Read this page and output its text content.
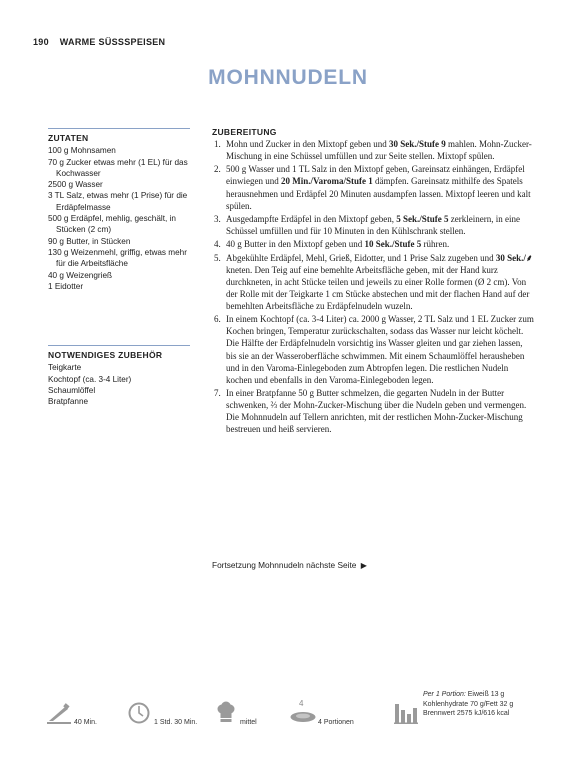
190 WARME SÜSSSPEISEN
MOHNNUDELN
ZUTATEN
100 g Mohnsamen
70 g Zucker etwas mehr (1 EL) für das Kochwasser
2500 g Wasser
3 TL Salz, etwas mehr (1 Prise) für die Erdäpfelmasse
500 g Erdäpfel, mehlig, geschält, in Stücken (2 cm)
90 g Butter, in Stücken
130 g Weizenmehl, griffig, etwas mehr für die Arbeitsfläche
40 g Weizengrieß
1 Eidotter
NOTWENDIGES ZUBEHÖR
Teigkarte
Kochtopf (ca. 3-4 Liter)
Schaumlöffel
Bratpfanne
ZUBEREITUNG
1. Mohn und Zucker in den Mixtopf geben und 30 Sek./Stufe 9 mahlen. Mohn-Zucker-Mischung in eine Schüssel umfüllen und zur Seite stellen. Mixtopf spülen.
2. 500 g Wasser und 1 TL Salz in den Mixtopf geben, Gareinsatz einhängen, Erdäpfel einwiegen und 20 Min./Varoma/Stufe 1 dämpfen. Gareinsatz mithilfe des Spatels herausnehmen und Erdäpfel 20 Minuten ausdampfen lassen. Mixtopf leeren und kalt spülen.
3. Ausgedampfte Erdäpfel in den Mixtopf geben, 5 Sek./Stufe 5 zerkleinern, in eine Schüssel umfüllen und für 10 Minuten in den Kühlschrank stellen.
4. 40 g Butter in den Mixtopf geben und 10 Sek./Stufe 5 rühren.
5. Abgekühlte Erdäpfel, Mehl, Grieß, Eidotter, und 1 Prise Salz zugeben und 30 Sek./⸙ kneten. Den Teig auf eine bemehlte Arbeitsfläche geben, mit der Hand kurz durchkneten, in acht Stücke teilen und jeweils zu einer Rolle formen (Ø 2 cm). Von der Rolle mit der Teigkarte 1 cm Stücke abstechen und mit der flachen Hand auf der bemehlten Arbeitsfläche zu Erdäpfelnudeln wuzeln.
6. In einem Kochtopf (ca. 3-4 Liter) ca. 2000 g Wasser, 2 TL Salz und 1 EL Zucker zum Kochen bringen, Temperatur zurückschalten, sodass das Wasser nur leicht köchelt. Die Hälfte der Erdäpfelnudeln vorsichtig ins Wasser gleiten und gar ziehen lassen, bis sie an der Wasseroberfläche schwimmen. Mit einem Schaumlöffel herausheben und in den Varoma-Einlegeboden zum Abtropfen legen. Die restlichen Nudeln kochen und ebenfalls in den Varoma-Einlegeboden legen.
7. In einer Bratpfanne 50 g Butter schmelzen, die gegarten Nudeln in der Butter schwenken, ⅔ der Mohn-Zucker-Mischung über die Nudeln geben und vermengen. Die Mohnnudeln auf Tellern anrichten, mit der restlichen Mohn-Zucker-Mischung bestreuen und heiß servieren.
Fortsetzung Mohnnudeln nächste Seite ▶
40 Min.	1 Std. 30 Min.	mittel
4
4 Portionen
Per 1 Portion: Eiweiß 13 g
Kohlenhydrate 70 g/Fett 32 g
Brennwert 2575 kJ/616 kcal
